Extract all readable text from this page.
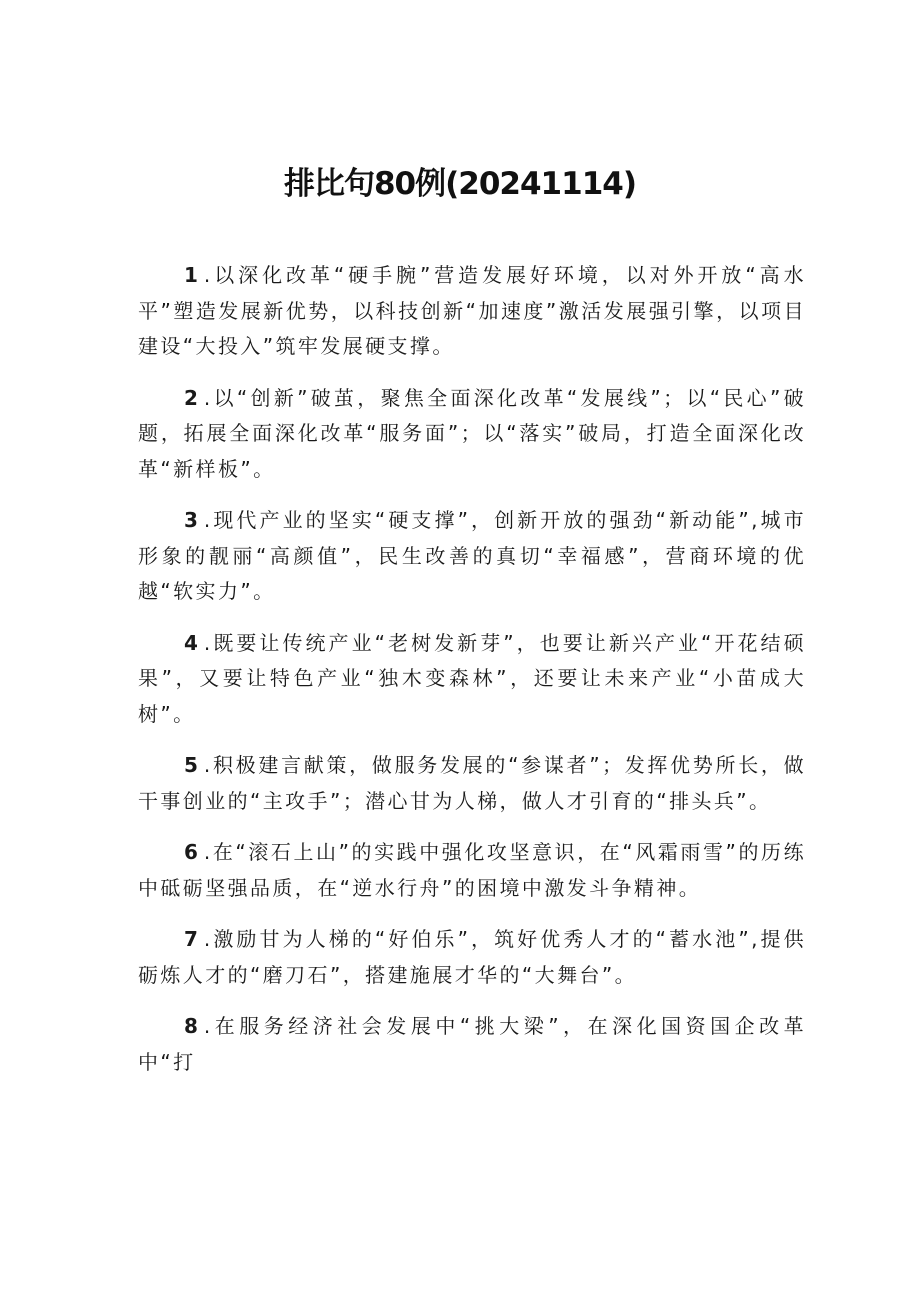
排比句80例(20241114)

1.以深化改革“硬手腕”营造发展好环境，以对外开放“高水平”塑造发展新优势，以科技创新“加速度”激活发展强引擎，以项目建设“大投入”筑牢发展硬支撑。

2.以“创新”破茧，聚焦全面深化改革“发展线”；以“民心”破题，拓展全面深化改革“服务面”；以“落实”破局，打造全面深化改革“新样板”。

3.现代产业的坚实“硬支撑”，创新开放的强劲“新动能”,城市形象的靓丽“高颜值”，民生改善的真切“幸福感”，营商环境的优越“软实力”。

4.既要让传统产业“老树发新芽”，也要让新兴产业“开花结硕果”，又要让特色产业“独木变森林”，还要让未来产业“小苗成大树”。

5.积极建言献策，做服务发展的“参谋者”；发挥优势所长，做干事创业的“主攻手”；潜心甘为人梯，做人才引育的“排头兵”。

6.在“滚石上山”的实践中强化攻坚意识，在“风霜雨雪”的历练中砥砺坚强品质，在“逆水行舟”的困境中激发斗争精神。

7.激励甘为人梯的“好伯乐”，筑好优秀人才的“蓄水池”,提供砺炼人才的“磨刀石”，搭建施展才华的“大舞台”。

8.在服务经济社会发展中“挑大梁”，在深化国资国企改革中“打
